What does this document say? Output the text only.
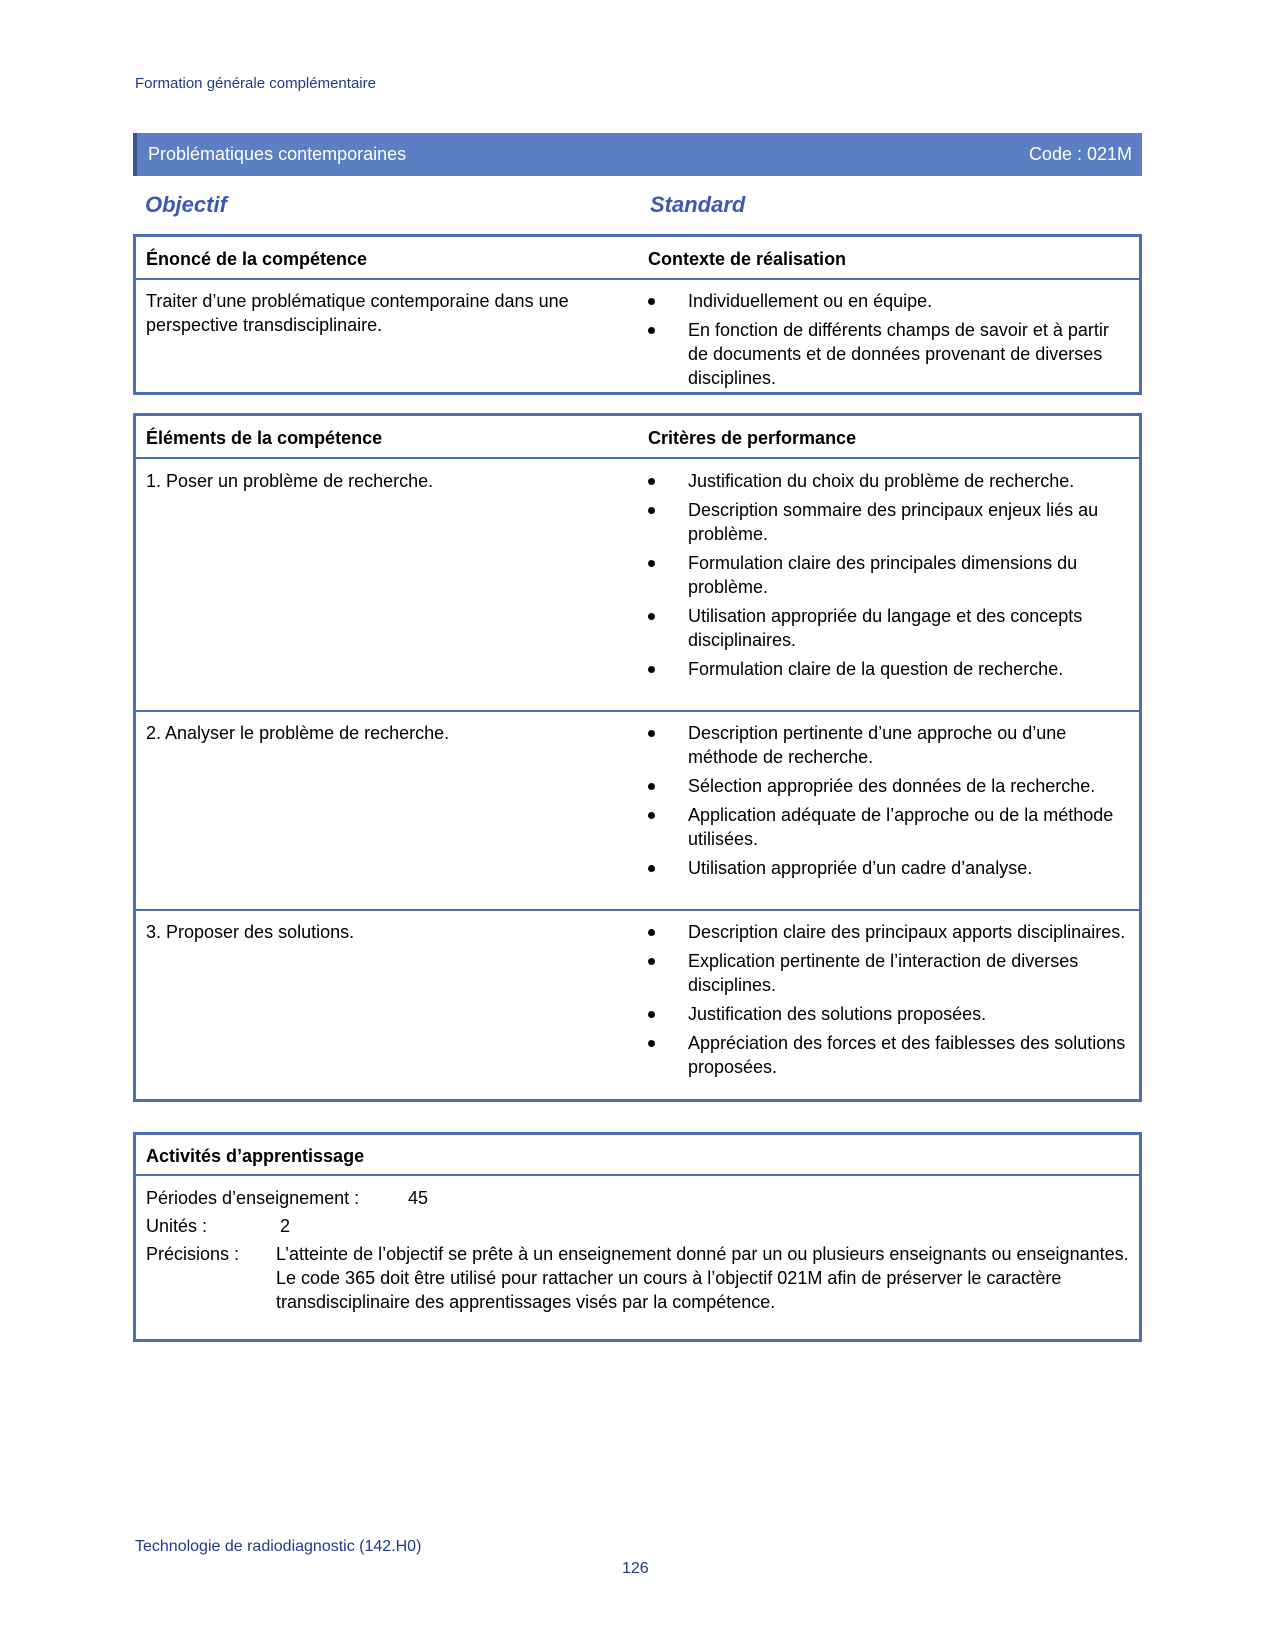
Formation générale complémentaire
Problématiques contemporaines	Code : 021M
Objectif	Standard
Énoncé de la compétence	Contexte de réalisation
Traiter d’une problématique contemporaine dans une perspective transdisciplinaire.
Individuellement ou en équipe.
En fonction de différents champs de savoir et à partir de documents et de données provenant de diverses disciplines.
Éléments de la compétence	Critères de performance
1. Poser un problème de recherche.	Justification du choix du problème de recherche.
Description sommaire des principaux enjeux liés au problème.
Formulation claire des principales dimensions du problème.
Utilisation appropriée du langage et des concepts disciplinaires.
Formulation claire de la question de recherche.
2. Analyser le problème de recherche.	Description pertinente d’une approche ou d’une méthode de recherche.
Sélection appropriée des données de la recherche.
Application adéquate de l’approche ou de la méthode utilisées.
Utilisation appropriée d’un cadre d’analyse.
3. Proposer des solutions.	Description claire des principaux apports disciplinaires.
Explication pertinente de l’interaction de diverses disciplines.
Justification des solutions proposées.
Appréciation des forces et des faiblesses des solutions proposées.
Activités d’apprentissage
Périodes d’enseignement :	45
Unités :	2
Précisions : L’atteinte de l’objectif se prête à un enseignement donné par un ou plusieurs enseignants ou enseignantes.
Le code 365 doit être utilisé pour rattacher un cours à l’objectif 021M afin de préserver le caractère transdisciplinaire des apprentissages visés par la compétence.
Technologie de radiodiagnostic (142.H0)
126
